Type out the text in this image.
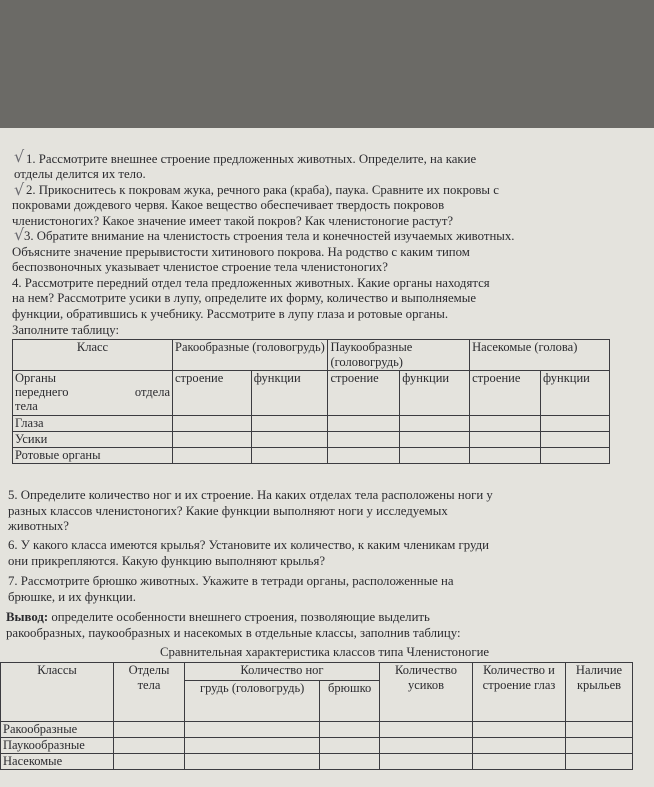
√
√
√
1. Рассмотрите внешнее строение предложенных животных. Определите, на какие
отделы делится их тело.
2. Прикоснитесь к покровам жука, речного рака (краба), паука. Сравните их покровы с
покровами дождевого червя. Какое вещество обеспечивает твердость покровов
членистоногих? Какое значение имеет такой покров? Как членистоногие растут?
3. Обратите внимание на членистость строения тела и конечностей изучаемых животных.
Объясните значение прерывистости хитинового покрова. На родство с каким типом
беспозвоночных указывает членистое строение тела членистоногих?
4. Рассмотрите передний отдел тела предложенных животных. Какие органы находятся
на нем? Рассмотрите усики в лупу, определите их форму, количество и выполняемые
функции, обратившись к учебнику. Рассмотрите в лупу глаза и ротовые органы.
Заполните таблицу:
Класс	Ракообразные (головогрудь)		Паукообразные (головогрудь)		Насекомые (голова)	

Органы
переднего отдела
тела	строение	функции	строение	функции	строение	функции
Глаза						
Усики						
Ротовые органы						
5. Определите количество ног и их строение. На каких отделах тела расположены ноги у
разных классов членистоногих? Какие функции выполняют ноги у исследуемых
животных?
6. У какого класса имеются крылья? Установите их количество, к каким членикам груди
они прикрепляются. Какую функцию выполняют крылья?
7. Рассмотрите брюшко животных. Укажите в тетради органы, расположенные на
брюшке, и их функции.
Вывод: определите особенности внешнего строения, позволяющие выделить
ракообразных, паукообразных и насекомых в отдельные классы, заполнив таблицу:
Сравнительная характеристика классов типа Членистоногие
Классы	Отделы тела	Количество ног		Количество усиков	Количество и строение глаз	Наличие крыльев
		грудь (головогрудь)	брюшко			
Ракообразные						
Паукообразные						
Насекомые						
